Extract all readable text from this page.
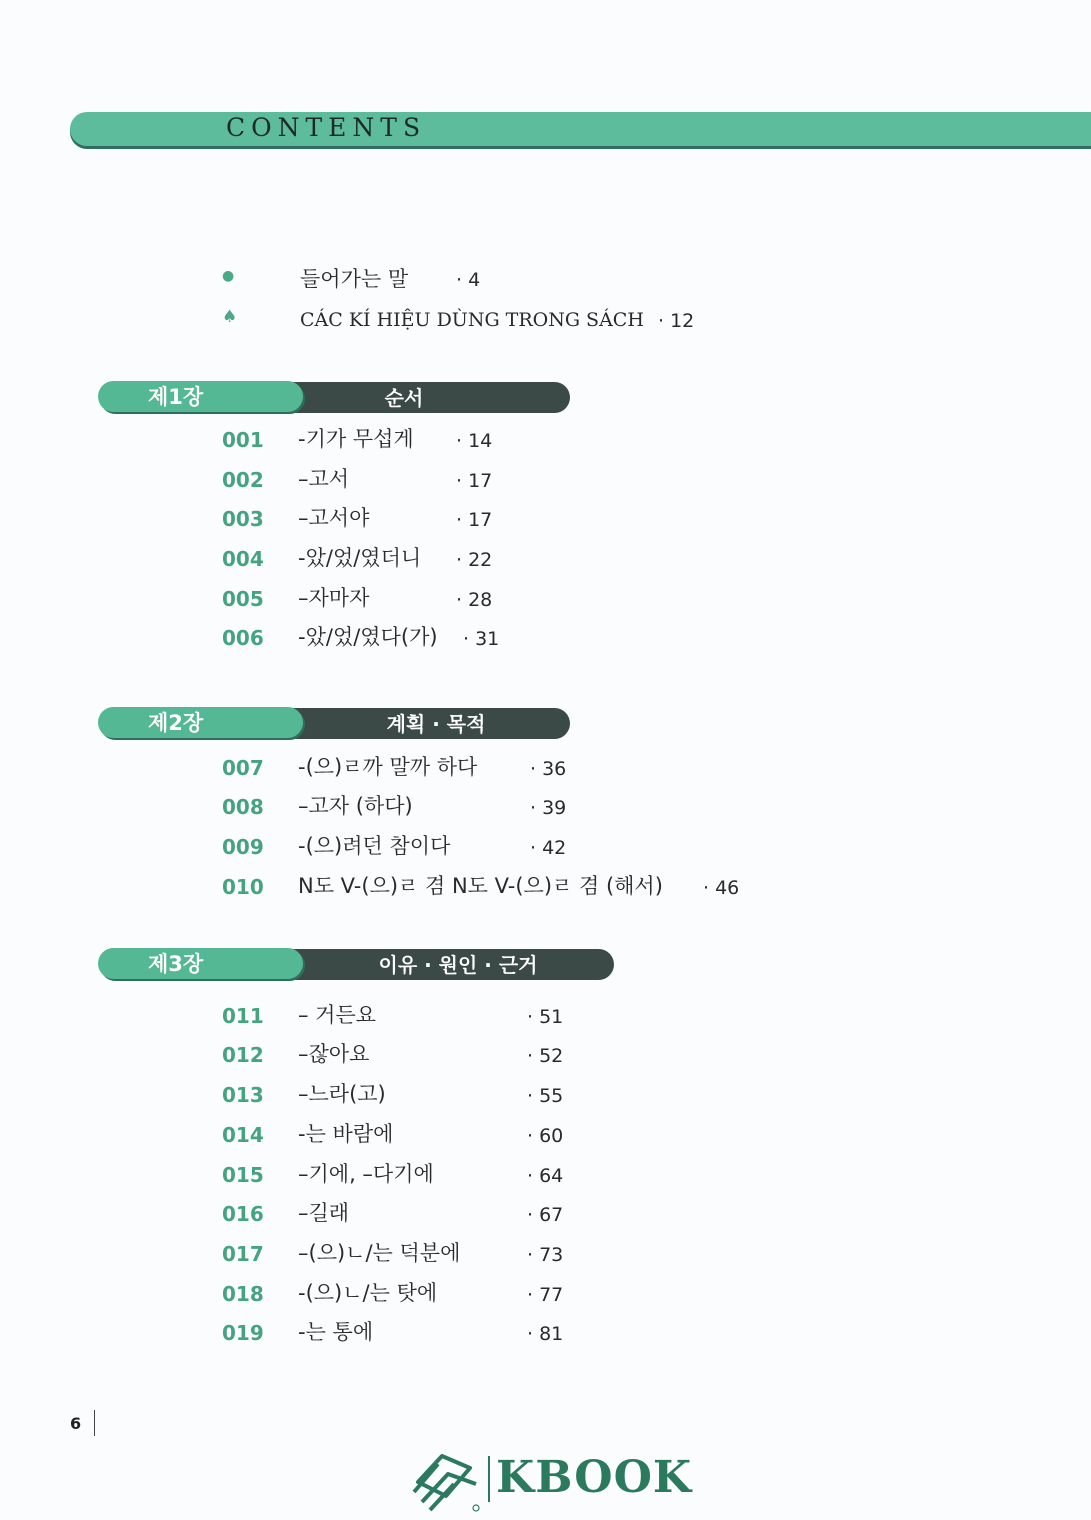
CONTENTS
●	들어가는 말	· 4
♠	CÁC KÍ HIỆU DÙNG TRONG SÁCH · 12
제1장	순서
001 -기가 무섭게 · 14
002 –고서	· 17
003 –고서야	· 17
004 -았/었/였더니 · 22
005 –자마자	· 28
006 -았/었/였다(가) · 31
제2장	계획 · 목적
007 -(으)ㄹ까 말까 하다	· 36
008 –고자 (하다)	· 39
009 -(으)려던 참이다	· 42
010 N도 V-(으)ㄹ 겸 N도 V-(으)ㄹ 겸 (해서) · 46
제3장	이유 · 원인 · 근거
011 – 거든요	· 51
012 –잖아요	· 52
013 –느라(고)	· 55
014 -는 바람에	· 60
015 –기에, –다기에	· 64
016 –길래	· 67
017 –(으)ㄴ/는 덕분에	· 73
018 -(으)ㄴ/는 탓에	· 77
019 -는 통에	· 81
6
KBOOK
